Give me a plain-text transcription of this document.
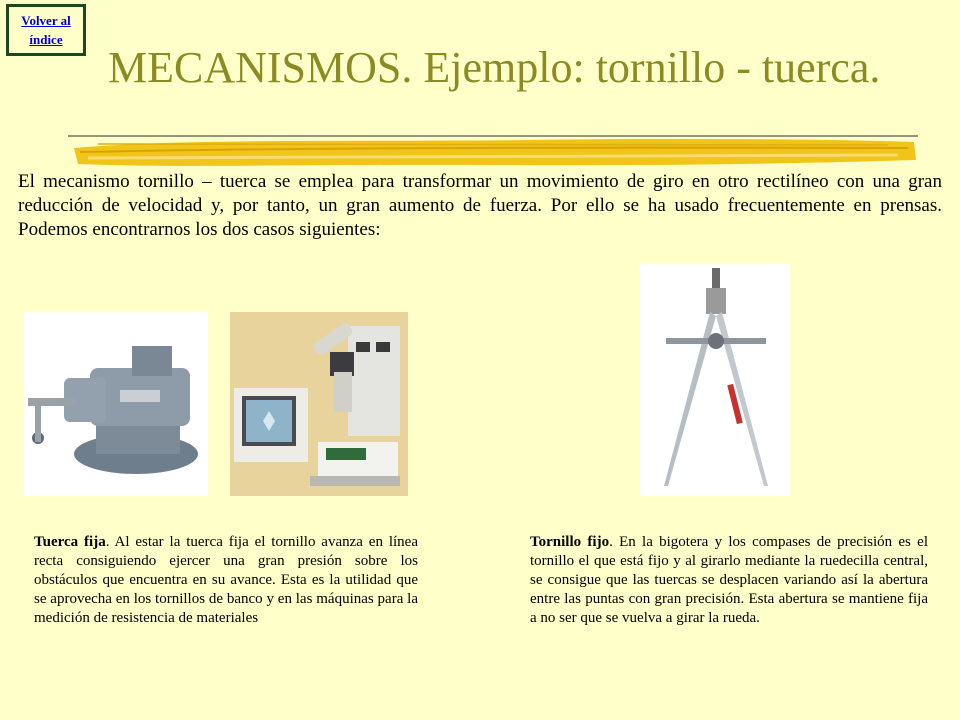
Volver al
índice
MECANISMOS. Ejemplo: tornillo - tuerca.
El mecanismo tornillo – tuerca se emplea para transformar un movimiento de giro en otro rectilíneo con una gran reducción de velocidad y, por tanto, un gran aumento de fuerza. Por ello se ha usado frecuentemente en prensas. Podemos encontrarnos los dos casos siguientes:
Tuerca fija. Al estar la tuerca fija el tornillo avanza en línea recta consiguiendo ejercer una gran presión sobre los obstáculos que encuentra en su avance. Esta es la utilidad que se aprovecha en los tornillos de banco y en las máquinas para la medición de resistencia de materiales
Tornillo fijo. En la bigotera y los compases de precisión es el tornillo el que está fijo y al girarlo mediante la ruedecilla central, se consigue que las tuercas se desplacen variando así la abertura entre las puntas con gran precisión. Esta abertura se mantiene fija a no ser que se vuelva a girar la rueda.
